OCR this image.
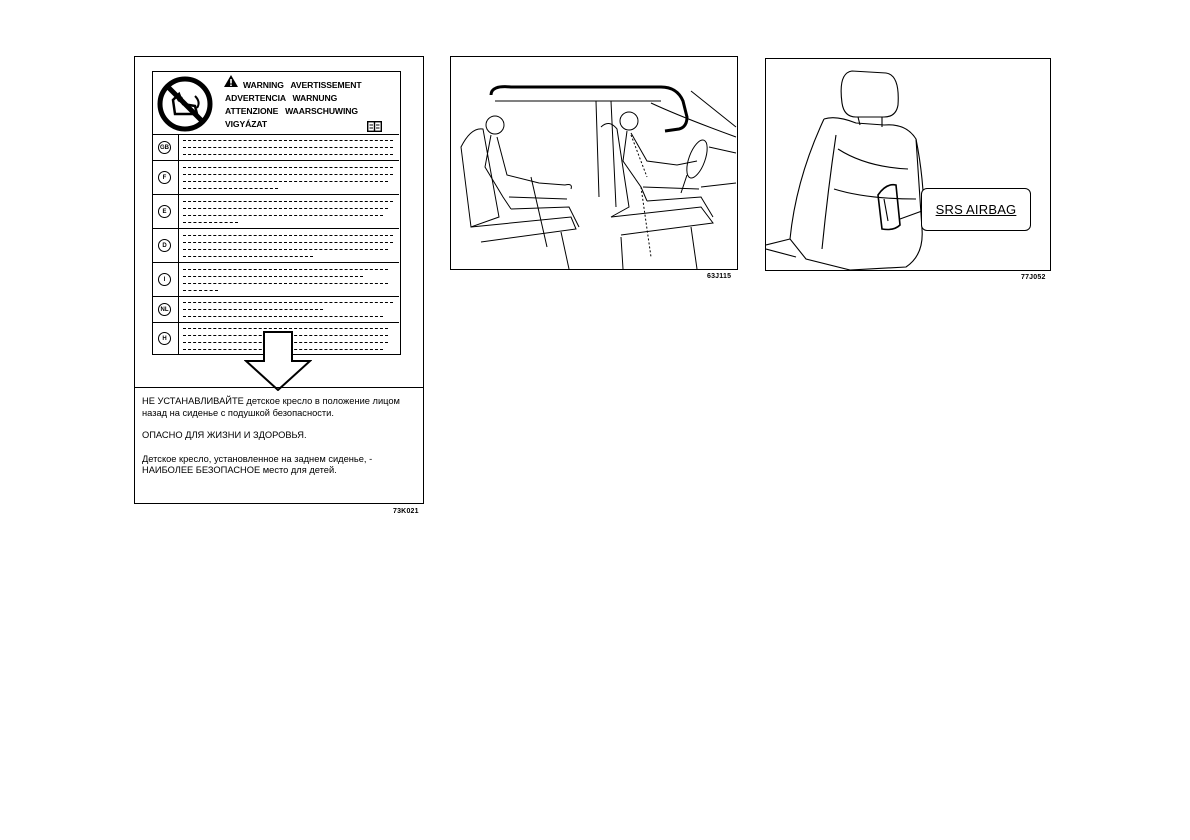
WARNING   AVERTISSEMENT
ADVERTENCIA   WARNUNG
ATTENZIONE   WAARSCHUWING
VIGYÁZAT
GB
F
E
D
I
NL
H

НЕ УСТАНАВЛИВАЙТЕ детское кресло в положение лицом назад на сиденье с подушкой безопасности.

ОПАСНО ДЛЯ ЖИЗНИ И ЗДОРОВЬЯ.

Детское кресло, установленное на заднем сиденье, - НАИБОЛЕЕ БЕЗОПАСНОЕ место для детей.

73K021
63J115
SRS AIRBAG
77J052
